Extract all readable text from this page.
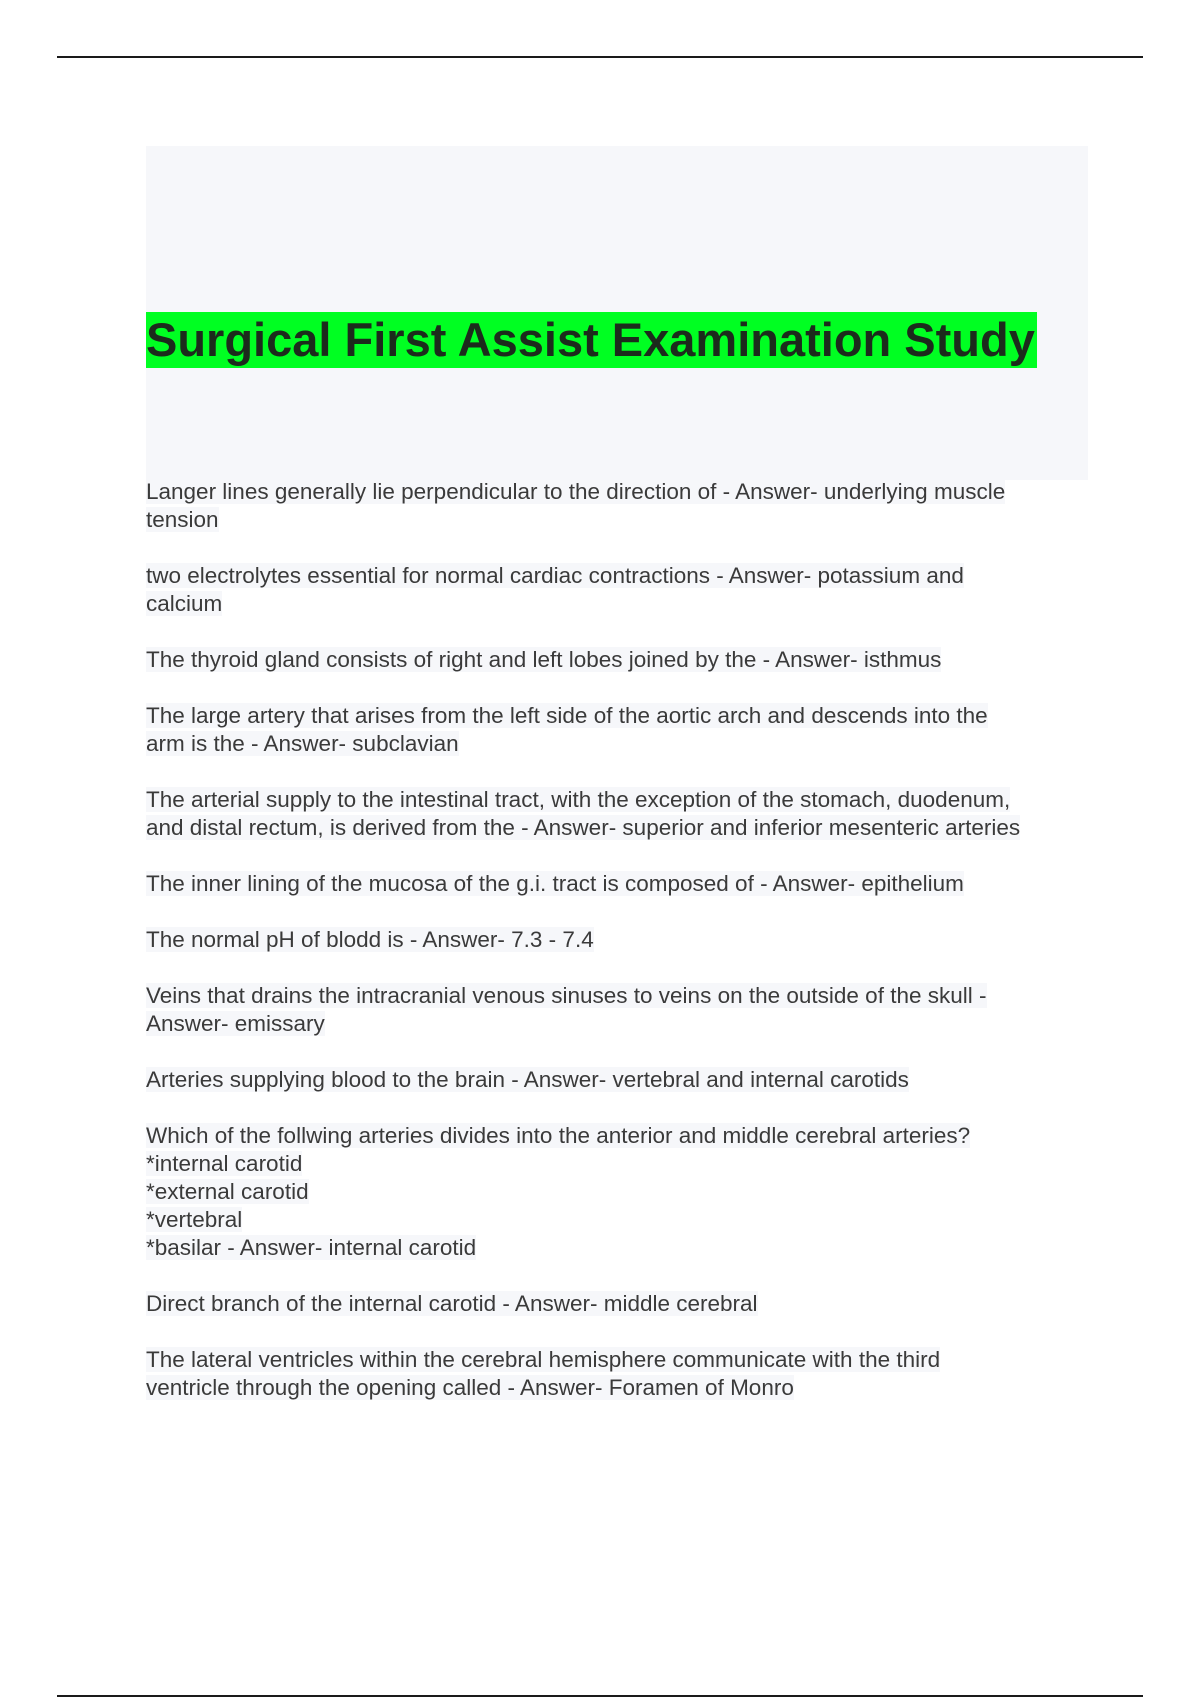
Surgical First Assist Examination Study
Langer lines generally lie perpendicular to the direction of - Answer- underlying muscle
tension
two electrolytes essential for normal cardiac contractions - Answer- potassium and
calcium
The thyroid gland consists of right and left lobes joined by the - Answer- isthmus
The large artery that arises from the left side of the aortic arch and descends into the
arm is the - Answer- subclavian
The arterial supply to the intestinal tract, with the exception of the stomach, duodenum,
and distal rectum, is derived from the - Answer- superior and inferior mesenteric arteries
The inner lining of the mucosa of the g.i. tract is composed of - Answer- epithelium
The normal pH of blodd is - Answer- 7.3 - 7.4
Veins that drains the intracranial venous sinuses to veins on the outside of the skull -
Answer- emissary
Arteries supplying blood to the brain - Answer- vertebral and internal carotids
Which of the follwing arteries divides into the anterior and middle cerebral arteries?
*internal carotid
*external carotid
*vertebral
*basilar - Answer- internal carotid
Direct branch of the internal carotid - Answer- middle cerebral
The lateral ventricles within the cerebral hemisphere communicate with the third
ventricle through the opening called - Answer- Foramen of Monro
